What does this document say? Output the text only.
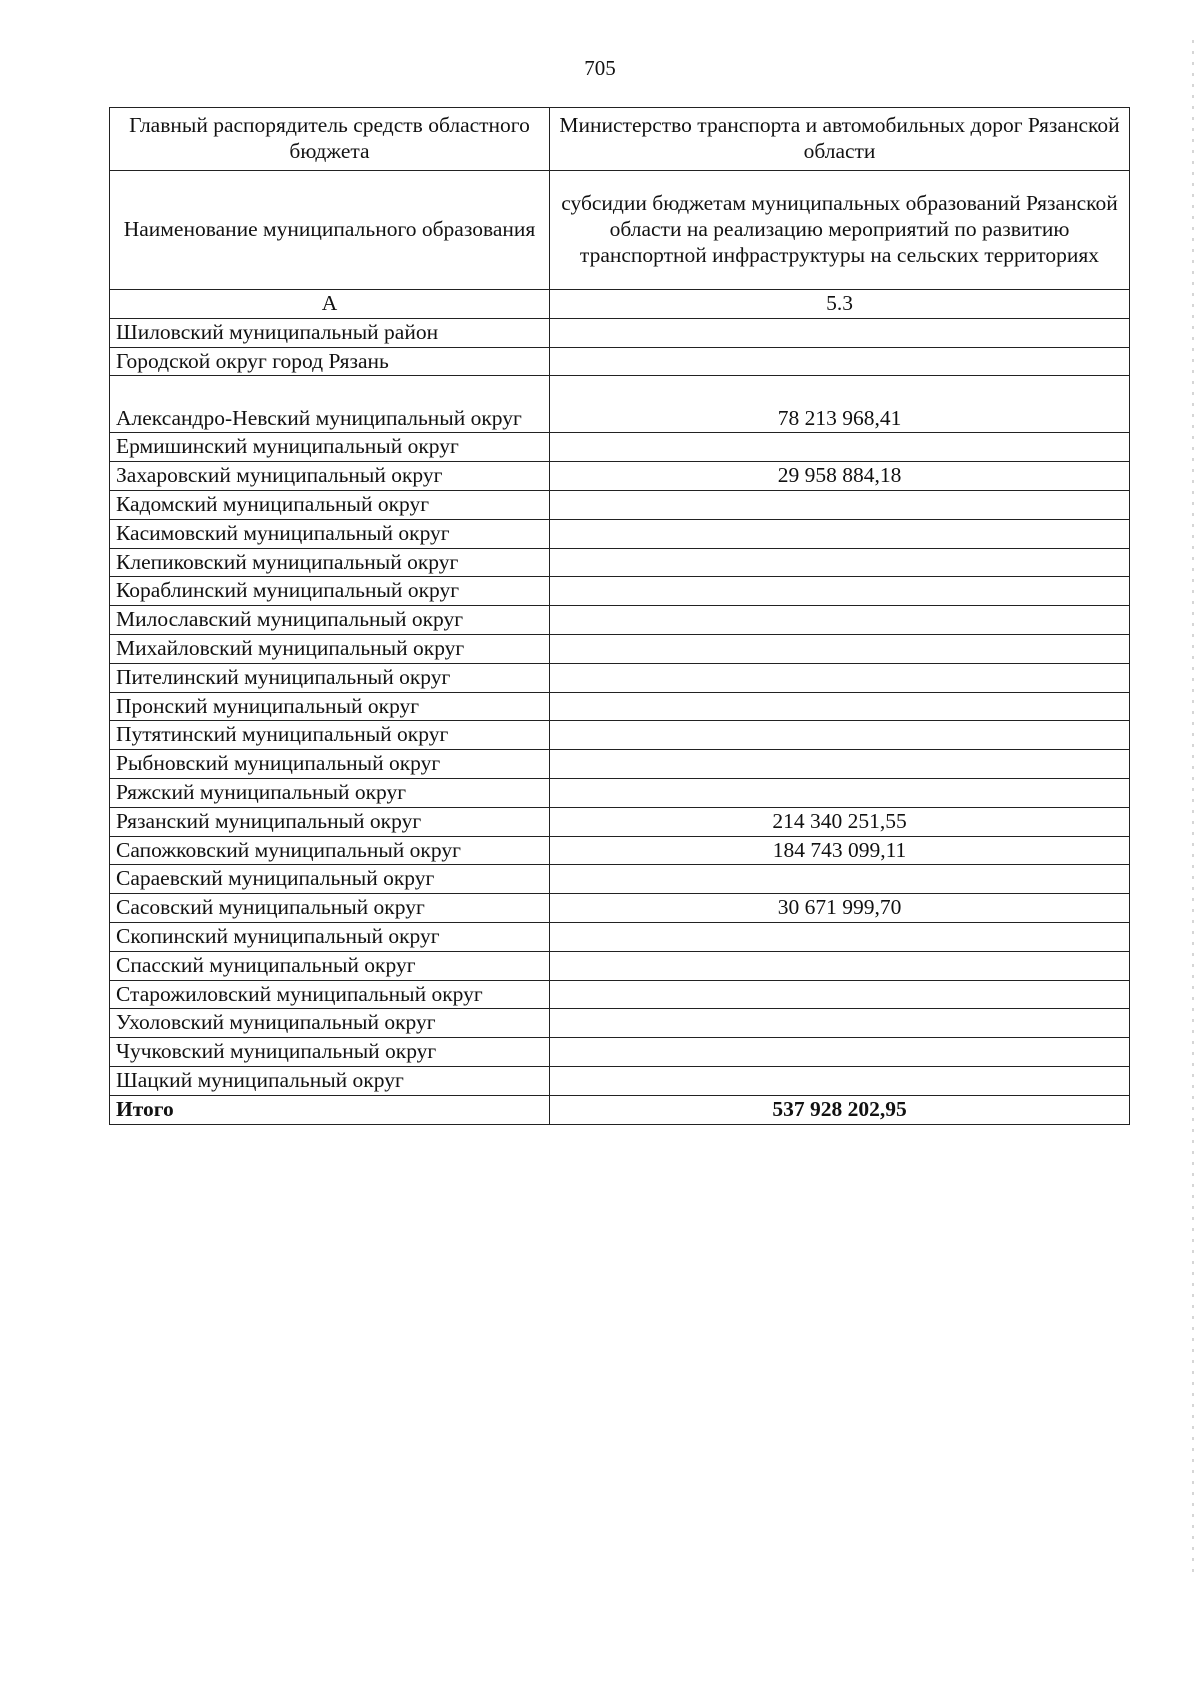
705
Главный распорядитель средств областного бюджета	Министерство транспорта и автомобильных дорог Рязанской области
Наименование муниципального образования	субсидии бюджетам муниципальных образований Рязанской области на реализацию мероприятий по развитию транспортной инфраструктуры на сельских территориях
А	5.3
Шиловский муниципальный район	
Городской округ город Рязань	
Александро-Невский муниципальный округ	78 213 968,41
Ермишинский муниципальный округ	
Захаровский муниципальный округ	29 958 884,18
Кадомский муниципальный округ	
Касимовский муниципальный округ	
Клепиковский муниципальный округ	
Кораблинский муниципальный округ	
Милославский муниципальный округ	
Михайловский муниципальный округ	
Пителинский муниципальный округ	
Пронский муниципальный округ	
Путятинский муниципальный округ	
Рыбновский муниципальный округ	
Ряжский муниципальный округ	
Рязанский муниципальный округ	214 340 251,55
Сапожковский муниципальный округ	184 743 099,11
Сараевский муниципальный округ	
Сасовский муниципальный округ	30 671 999,70
Скопинский муниципальный округ	
Спасский муниципальный округ	
Старожиловский муниципальный округ	
Ухоловский муниципальный округ	
Чучковский муниципальный округ	
Шацкий муниципальный округ	
Итого	537 928 202,95
